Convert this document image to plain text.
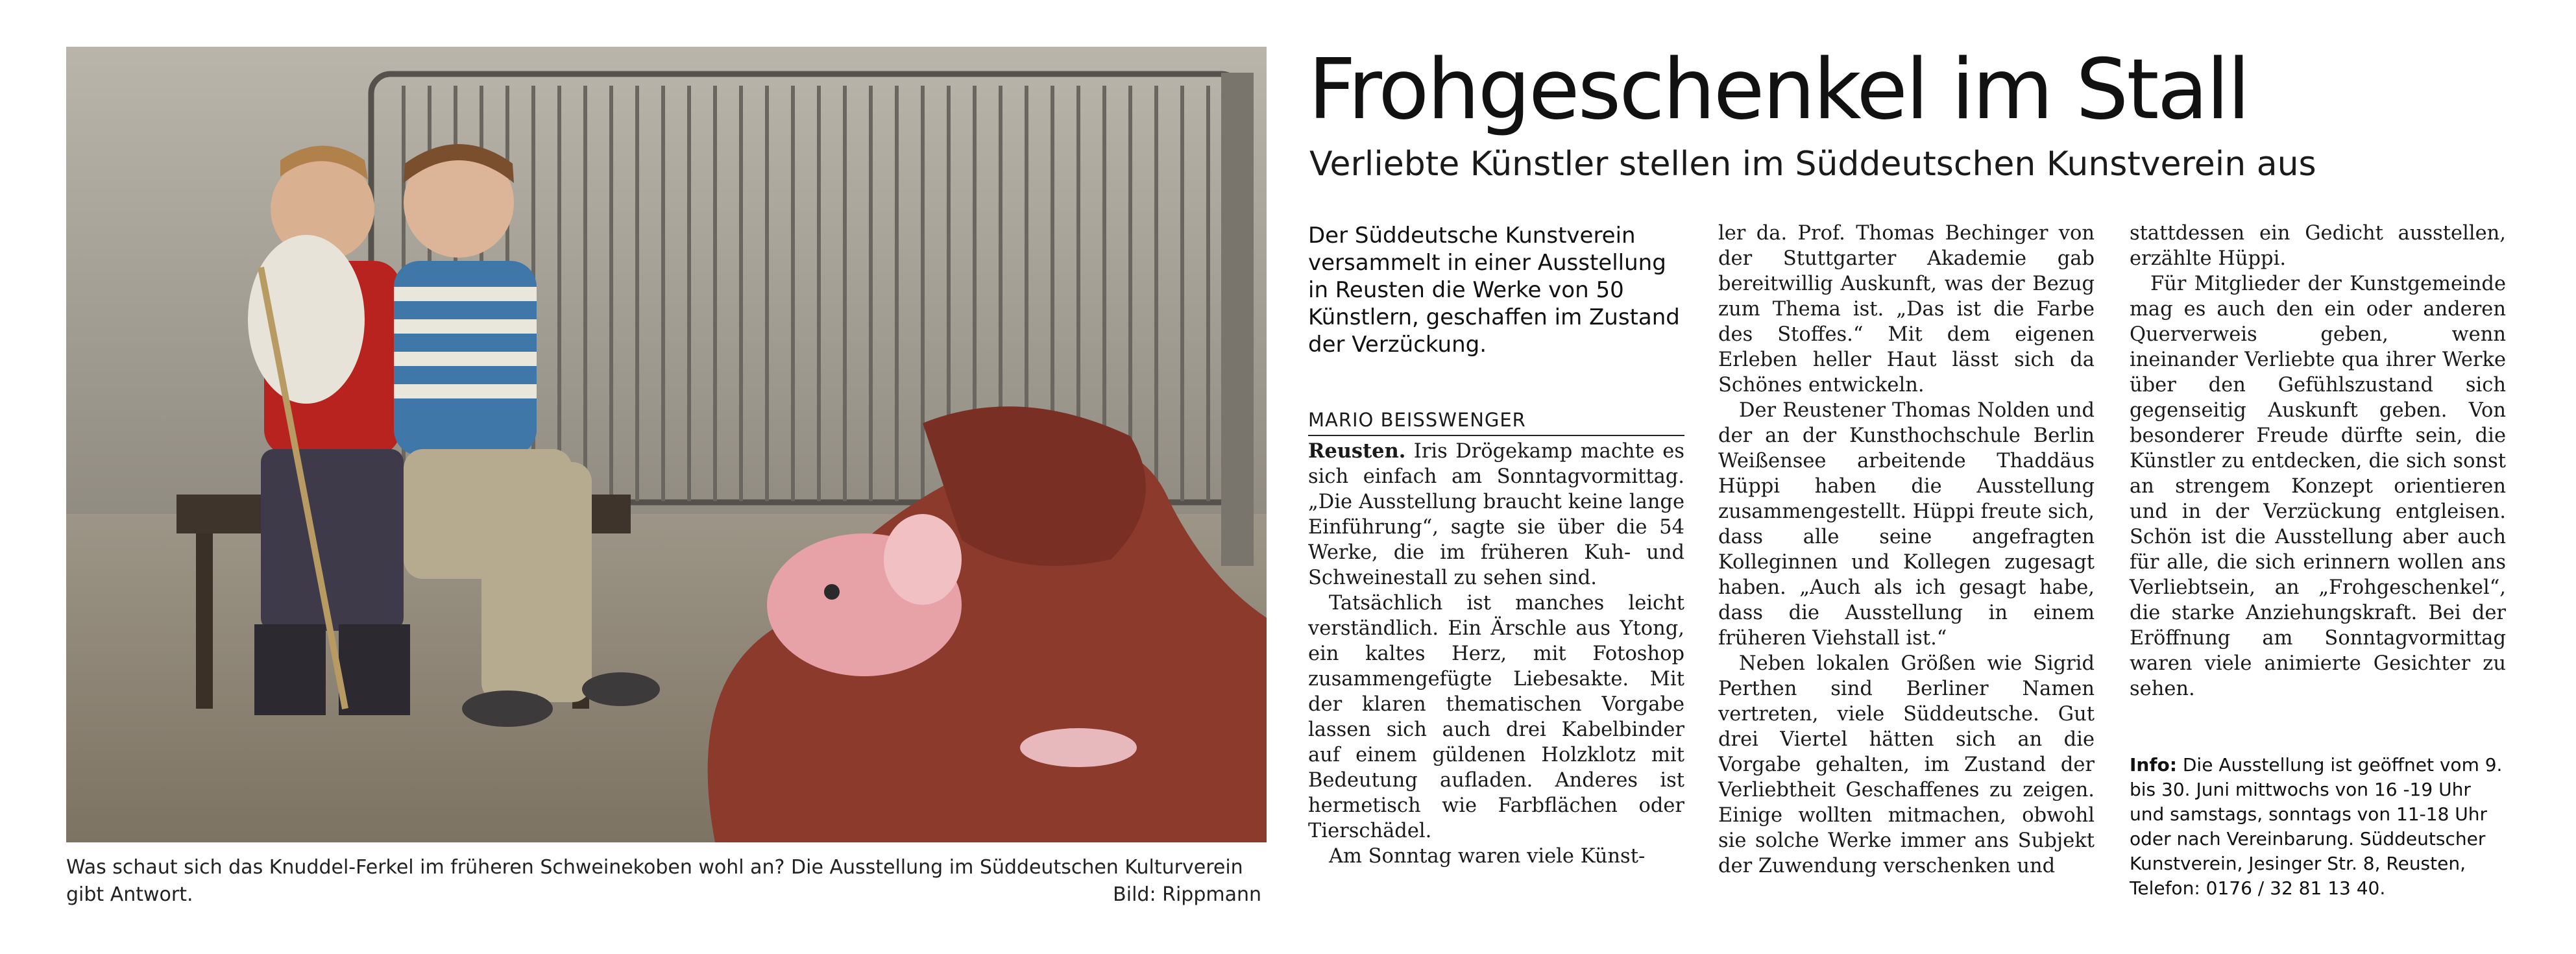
Was schaut sich das Knuddel-Ferkel im früheren Schweinekoben wohl an? Die Ausstellung im Süddeutschen Kulturverein gibt Antwort.	Bild: Rippmann
Frohgeschenkel im Stall
Verliebte Künstler stellen im Süddeutschen Kunstverein aus
Der Süddeutsche Kunstverein versammelt in einer Ausstellung in Reusten die Werke von 50 Künstlern, geschaffen im Zustand der Verzückung.
MARIO BEISSWENGER

Reusten. Iris Drögekamp machte es sich einfach am Sonntagvormittag. „Die Ausstellung braucht keine lange Einführung“, sagte sie über die 54 Werke, die im früheren Kuh- und Schweinestall zu sehen sind.

Tatsächlich ist manches leicht verständlich. Ein Ärschle aus Ytong, ein kaltes Herz, mit Fotoshop zusammengefügte Liebesakte. Mit der klaren thematischen Vorgabe lassen sich auch drei Kabelbinder auf einem güldenen Holzklotz mit Bedeutung aufladen. Anderes ist hermetisch wie Farbflächen oder Tierschädel.

Am Sonntag waren viele Künst-

ler da. Prof. Thomas Bechinger von der Stuttgarter Akademie gab bereitwillig Auskunft, was der Bezug zum Thema ist. „Das ist die Farbe des Stoffes.“ Mit dem eigenen Erleben heller Haut lässt sich da Schönes entwickeln.

Der Reustener Thomas Nolden und der an der Kunsthochschule Berlin Weißensee arbeitende Thaddäus Hüppi haben die Ausstellung zusammengestellt. Hüppi freute sich, dass alle seine angefragten Kolleginnen und Kollegen zugesagt haben. „Auch als ich gesagt habe, dass die Ausstellung in einem früheren Viehstall ist.“

Neben lokalen Größen wie Sigrid Perthen sind Berliner Namen vertreten, viele Süddeutsche. Gut drei Viertel hätten sich an die Vorgabe gehalten, im Zustand der Verliebtheit Geschaffenes zu zeigen. Einige wollten mitmachen, obwohl sie solche Werke immer ans Subjekt der Zuwendung verschenken und

stattdessen ein Gedicht ausstellen, erzählte Hüppi.

Für Mitglieder der Kunstgemeinde mag es auch den ein oder anderen Querverweis geben, wenn ineinander Verliebte qua ihrer Werke über den Gefühlszustand sich gegenseitig Auskunft geben. Von besonderer Freude dürfte sein, die Künstler zu entdecken, die sich sonst an strengem Konzept orientieren und in der Verzückung entgleisen. Schön ist die Ausstellung aber auch für alle, die sich erinnern wollen ans Verliebtsein, an „Frohgeschenkel“, die starke Anziehungskraft. Bei der Eröffnung am Sonntagvormittag waren viele animierte Gesichter zu sehen.

Info: Die Ausstellung ist geöffnet vom 9. bis 30. Juni mittwochs von 16 -19 Uhr und samstags, sonntags von 11-18 Uhr oder nach Vereinbarung. Süddeutscher Kunstverein, Jesinger Str. 8, Reusten, Telefon: 0176 / 32 81 13 40.
